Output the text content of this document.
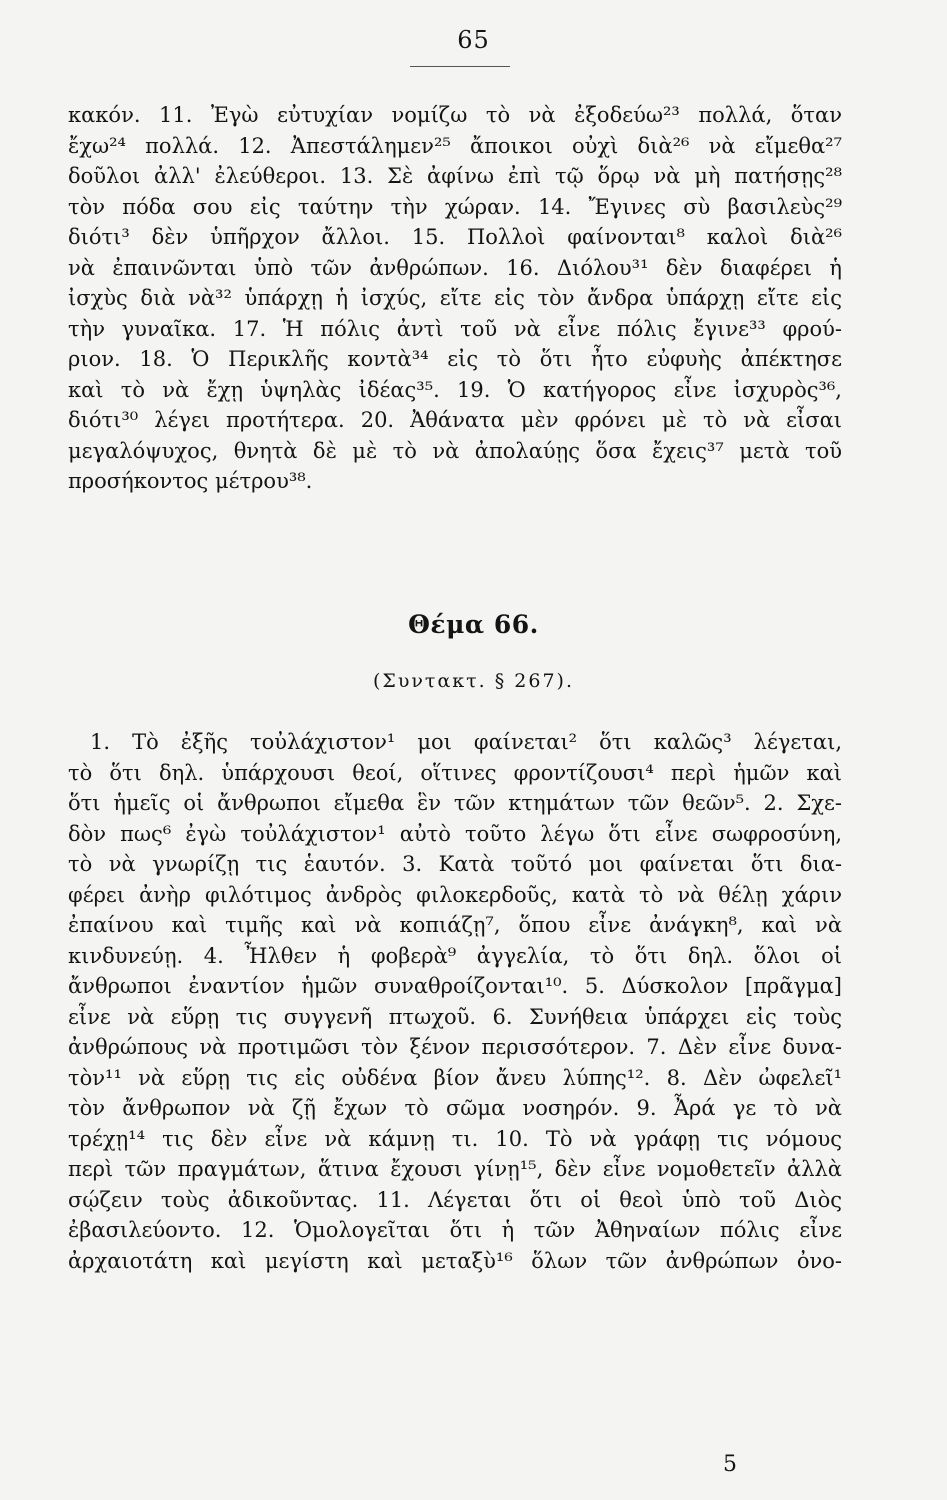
65
κακόν. 11. Ἐγὼ εὐτυχίαν νομίζω τὸ νὰ ἐξοδεύω²³ πολλά, ὅταν
ἔχω²⁴ πολλά. 12. Ἀπεστάλημεν²⁵ ἄποικοι οὐχὶ διὰ²⁶ νὰ εἴμεθα²⁷
δοῦλοι ἀλλ' ἐλεύθεροι. 13. Σὲ ἀφίνω ἐπὶ τῷ ὅρῳ νὰ μὴ πατήσῃς²⁸
τὸν πόδα σου εἰς ταύτην τὴν χώραν. 14. Ἔγινες σὺ βασιλεὺς²⁹
διότι³ δὲν ὑπῆρχον ἄλλοι. 15. Πολλοὶ φαίνονται⁸ καλοὶ διὰ²⁶
νὰ ἐπαινῶνται ὑπὸ τῶν ἀνθρώπων. 16. Διόλου³¹ δὲν διαφέρει ἡ
ἰσχὺς διὰ νὰ³² ὑπάρχῃ ἡ ἰσχύς, εἴτε εἰς τὸν ἄνδρα ὑπάρχῃ εἴτε εἰς
τὴν γυναῖκα. 17. Ἡ πόλις ἀντὶ τοῦ νὰ εἶνε πόλις ἔγινε³³ φρού-
ριον. 18. Ὁ Περικλῆς κοντὰ³⁴ εἰς τὸ ὅτι ἦτο εὐφυὴς ἀπέκτησε
καὶ τὸ νὰ ἔχῃ ὑψηλὰς ἰδέας³⁵. 19. Ὁ κατήγορος εἶνε ἰσχυρὸς³⁶,
διότι³⁰ λέγει προτήτερα. 20. Ἀθάνατα μὲν φρόνει μὲ τὸ νὰ εἶσαι
μεγαλόψυχος, θνητὰ δὲ μὲ τὸ νὰ ἀπολαύῃς ὅσα ἔχεις³⁷ μετὰ τοῦ
προσήκοντος μέτρου³⁸.
Θέμα 66.
(Συντακτ. § 267).
1. Τὸ ἐξῆς τοὐλάχιστον¹ μοι φαίνεται² ὅτι καλῶς³ λέγεται,
τὸ ὅτι δηλ. ὑπάρχουσι θεοί, οἵτινες φροντίζουσι⁴ περὶ ἡμῶν καὶ
ὅτι ἡμεῖς οἱ ἄνθρωποι εἴμεθα ἓν τῶν κτημάτων τῶν θεῶν⁵. 2. Σχε-
δὸν πως⁶ ἐγὼ τοὐλάχιστον¹ αὐτὸ τοῦτο λέγω ὅτι εἶνε σωφροσύνη,
τὸ νὰ γνωρίζῃ τις ἑαυτόν. 3. Κατὰ τοῦτό μοι φαίνεται ὅτι δια-
φέρει ἀνὴρ φιλότιμος ἀνδρὸς φιλοκερδοῦς, κατὰ τὸ νὰ θέλῃ χάριν
ἐπαίνου καὶ τιμῆς καὶ νὰ κοπιάζῃ⁷, ὅπου εἶνε ἀνάγκη⁸, καὶ νὰ
κινδυνεύῃ. 4. Ἦλθεν ἡ φοβερὰ⁹ ἀγγελία, τὸ ὅτι δηλ. ὅλοι οἱ
ἄνθρωποι ἐναντίον ἡμῶν συναθροίζονται¹⁰. 5. Δύσκολον [πρᾶγμα]
εἶνε νὰ εὕρῃ τις συγγενῆ πτωχοῦ. 6. Συνήθεια ὑπάρχει εἰς τοὺς
ἀνθρώπους νὰ προτιμῶσι τὸν ξένον περισσότερον. 7. Δὲν εἶνε δυνα-
τὸν¹¹ νὰ εὕρῃ τις εἰς οὐδένα βίον ἄνευ λύπης¹². 8. Δὲν ὠφελεῖ¹
τὸν ἄνθρωπον νὰ ζῇ ἔχων τὸ σῶμα νοσηρόν. 9. Ἆρά γε τὸ νὰ
τρέχῃ¹⁴ τις δὲν εἶνε νὰ κάμνῃ τι. 10. Τὸ νὰ γράφῃ τις νόμους
περὶ τῶν πραγμάτων, ἅτινα ἔχουσι γίνῃ¹⁵, δὲν εἶνε νομοθετεῖν ἀλλὰ
σῴζειν τοὺς ἀδικοῦντας. 11. Λέγεται ὅτι οἱ θεοὶ ὑπὸ τοῦ Διὸς
ἐβασιλεύοντο. 12. Ὁμολογεῖται ὅτι ἡ τῶν Ἀθηναίων πόλις εἶνε
ἀρχαιοτάτη καὶ μεγίστη καὶ μεταξὺ¹⁶ ὅλων τῶν ἀνθρώπων ὀνο-
5
